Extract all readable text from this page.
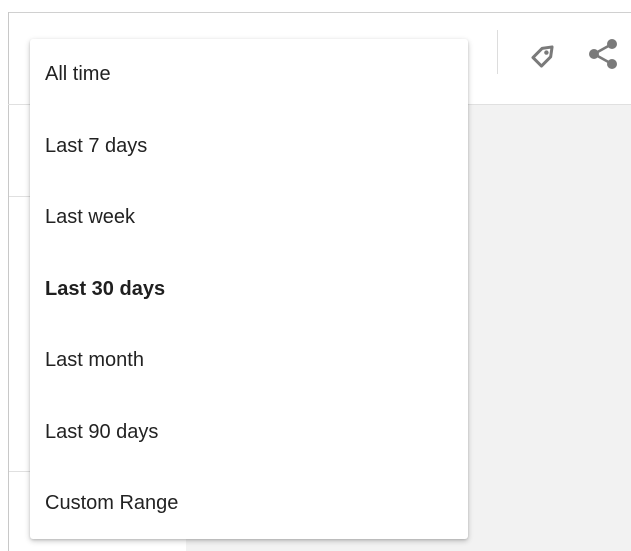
All time
Last 7 days
Last week
Last 30 days
Last month
Last 90 days
Custom Range
